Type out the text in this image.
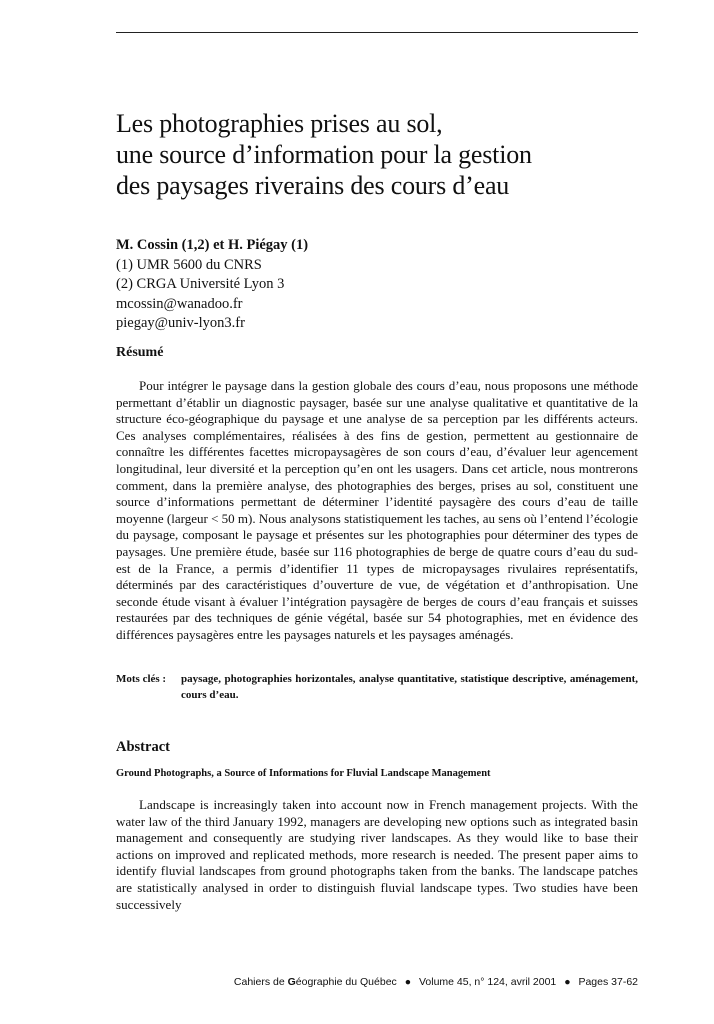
Les photographies prises au sol,
une source d’information pour la gestion
des paysages riverains des cours d’eau
M. Cossin (1,2) et H. Piégay (1)
(1) UMR 5600 du CNRS
(2) CRGA Université Lyon 3
mcossin@wanadoo.fr
piegay@univ-lyon3.fr
Résumé

Pour intégrer le paysage dans la gestion globale des cours d’eau, nous proposons une méthode permettant d’établir un diagnostic paysager, basée sur une analyse qualitative et quantitative de la structure éco-géographique du paysage et une analyse de sa perception par les différents acteurs. Ces analyses complémentaires, réalisées à des fins de gestion, permettent au gestionnaire de connaître les différentes facettes micropaysagères de son cours d’eau, d’évaluer leur agencement longitudinal, leur diversité et la perception qu’en ont les usagers. Dans cet article, nous montrerons comment, dans la première analyse, des photographies des berges, prises au sol, constituent une source d’informations permettant de déterminer l’identité paysagère des cours d’eau de taille moyenne (largeur < 50 m). Nous analysons statistiquement les taches, au sens où l’entend l’écologie du paysage, composant le paysage et présentes sur les photographies pour déterminer des types de paysages. Une première étude, basée sur 116 photographies de berge de quatre cours d’eau du sud-est de la France, a permis d’identifier 11 types de micropaysages rivulaires représentatifs, déterminés par des caractéristiques d’ouverture de vue, de végétation et d’anthropisation. Une seconde étude visant à évaluer l’intégration paysagère de berges de cours d’eau français et suisses restaurées par des techniques de génie végétal, basée sur 54 photographies, met en évidence des différences paysagères entre les paysages naturels et les paysages aménagés.

Mots clés :	paysage, photographies horizontales, analyse quantitative, statistique descriptive, aménagement, cours d’eau.
Abstract
Ground Photographs, a Source of Informations for Fluvial Landscape Management

Landscape is increasingly taken into account now in French management projects. With the water law of the third January 1992, managers are developing new options such as integrated basin management and consequently are studying river landscapes. As they would like to base their actions on improved and replicated methods, more research is needed. The present paper aims to identify fluvial landscapes from ground photographs taken from the banks. The landscape patches are statistically analysed in order to distinguish fluvial landscape types. Two studies have been successively

Cahiers de Géographie du Québec ● Volume 45, n° 124, avril 2001 ● Pages 37-62
